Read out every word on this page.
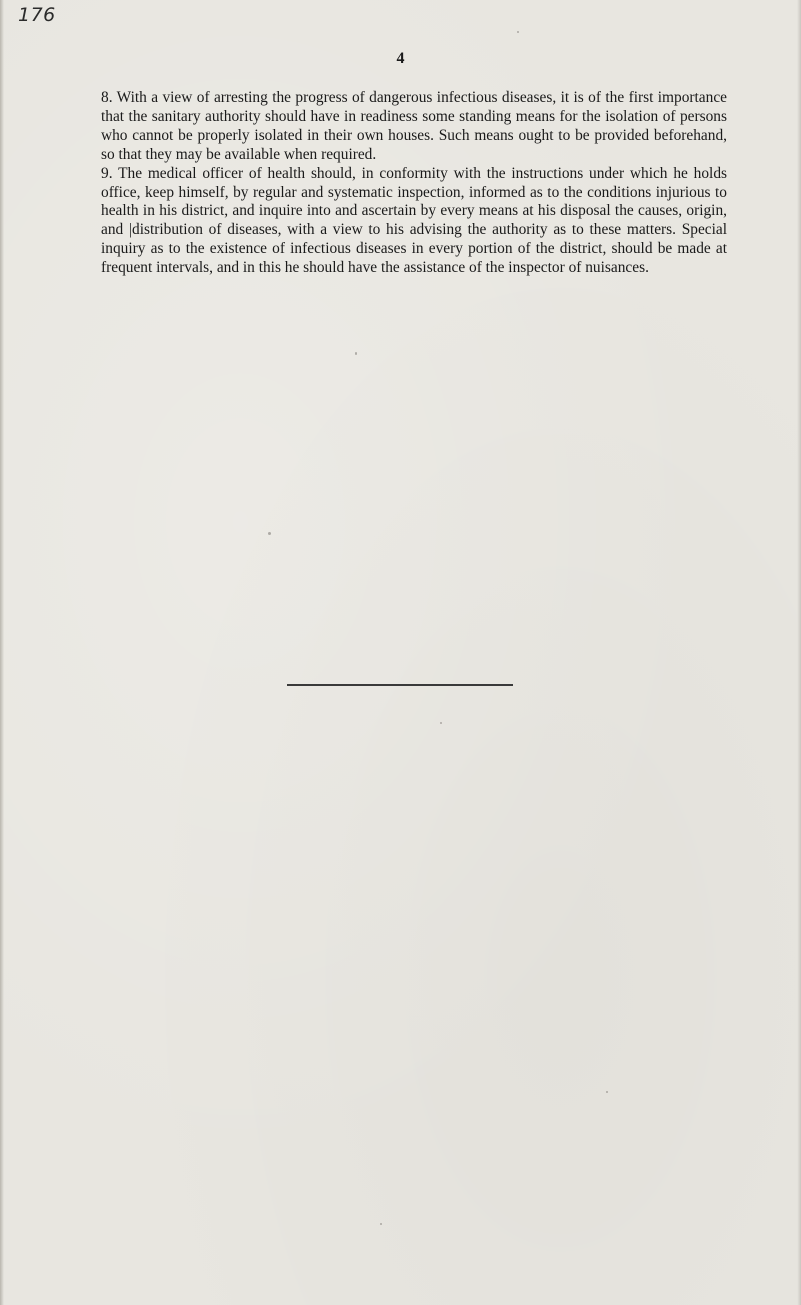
176
4

8. With a view of arresting the progress of dangerous infectious diseases, it is of the first importance that the sanitary authority should have in readiness some standing means for the isolation of persons who cannot be properly isolated in their own houses. Such means ought to be provided beforehand, so that they may be available when required.

9. The medical officer of health should, in conformity with the instructions under which he holds office, keep himself, by regular and systematic inspection, informed as to the conditions injurious to health in his district, and inquire into and ascertain by every means at his disposal the causes, origin, and |distribution of diseases, with a view to his advising the authority as to these matters. Special inquiry as to the existence of infectious diseases in every portion of the district, should be made at frequent intervals, and in this he should have the assistance of the inspector of nuisances.
